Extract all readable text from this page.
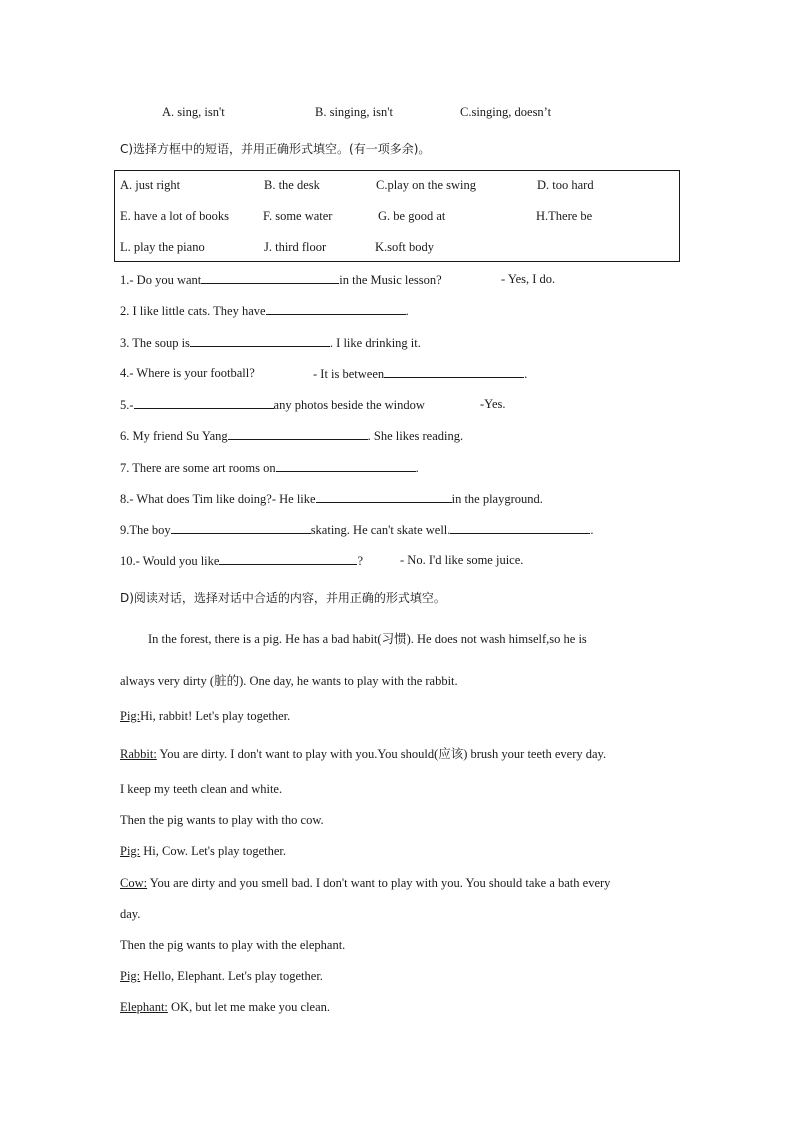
A. sing, isn't	B. singing, isn't	C.singing, doesn’t
C)选择方框中的短语，并用正确形式填空。(有一项多余)。
A. just right	B. the desk	C.play on the swing	D. too hard
E. have a lot of books	F. some water	G. be good at	H.There be
L. play the piano	J. third floor	K.soft body
1.- Do you want	in the Music lesson?	- Yes, I do.
2. I like little cats. They have	.
3. The soup is	. I like drinking it.
4.- Where is your football?	- It is between	.
5.-	any photos beside the window	-Yes.
6. My friend Su Yang	. She likes reading.
7. There are some art rooms on	.
8.- What does Tim like doing?- He like	in the playground.
9.The boy	skating. He can't skate well.	.
10.- Would you like	?	- No. I'd like some juice.
D)阅读对话，选择对话中合适的内容，并用正确的形式填空。
In the forest, there is a pig. He has a bad habit(习惯). He does not wash himself,so he is
always very dirty (脏的). One day, he wants to play with the rabbit.
Pig:Hi, rabbit! Let's play together.
Rabbit: You are dirty. I don't want to play with you.You should(应该) brush your teeth every day.
I keep my teeth clean and white.
Then the pig wants to play with tho cow.
Pig: Hi, Cow. Let's play together.
Cow: You are dirty and you smell bad. I don't want to play with you. You should take a bath every
day.
Then the pig wants to play with the elephant.
Pig: Hello, Elephant. Let's play together.
Elephant: OK, but let me make you clean.
